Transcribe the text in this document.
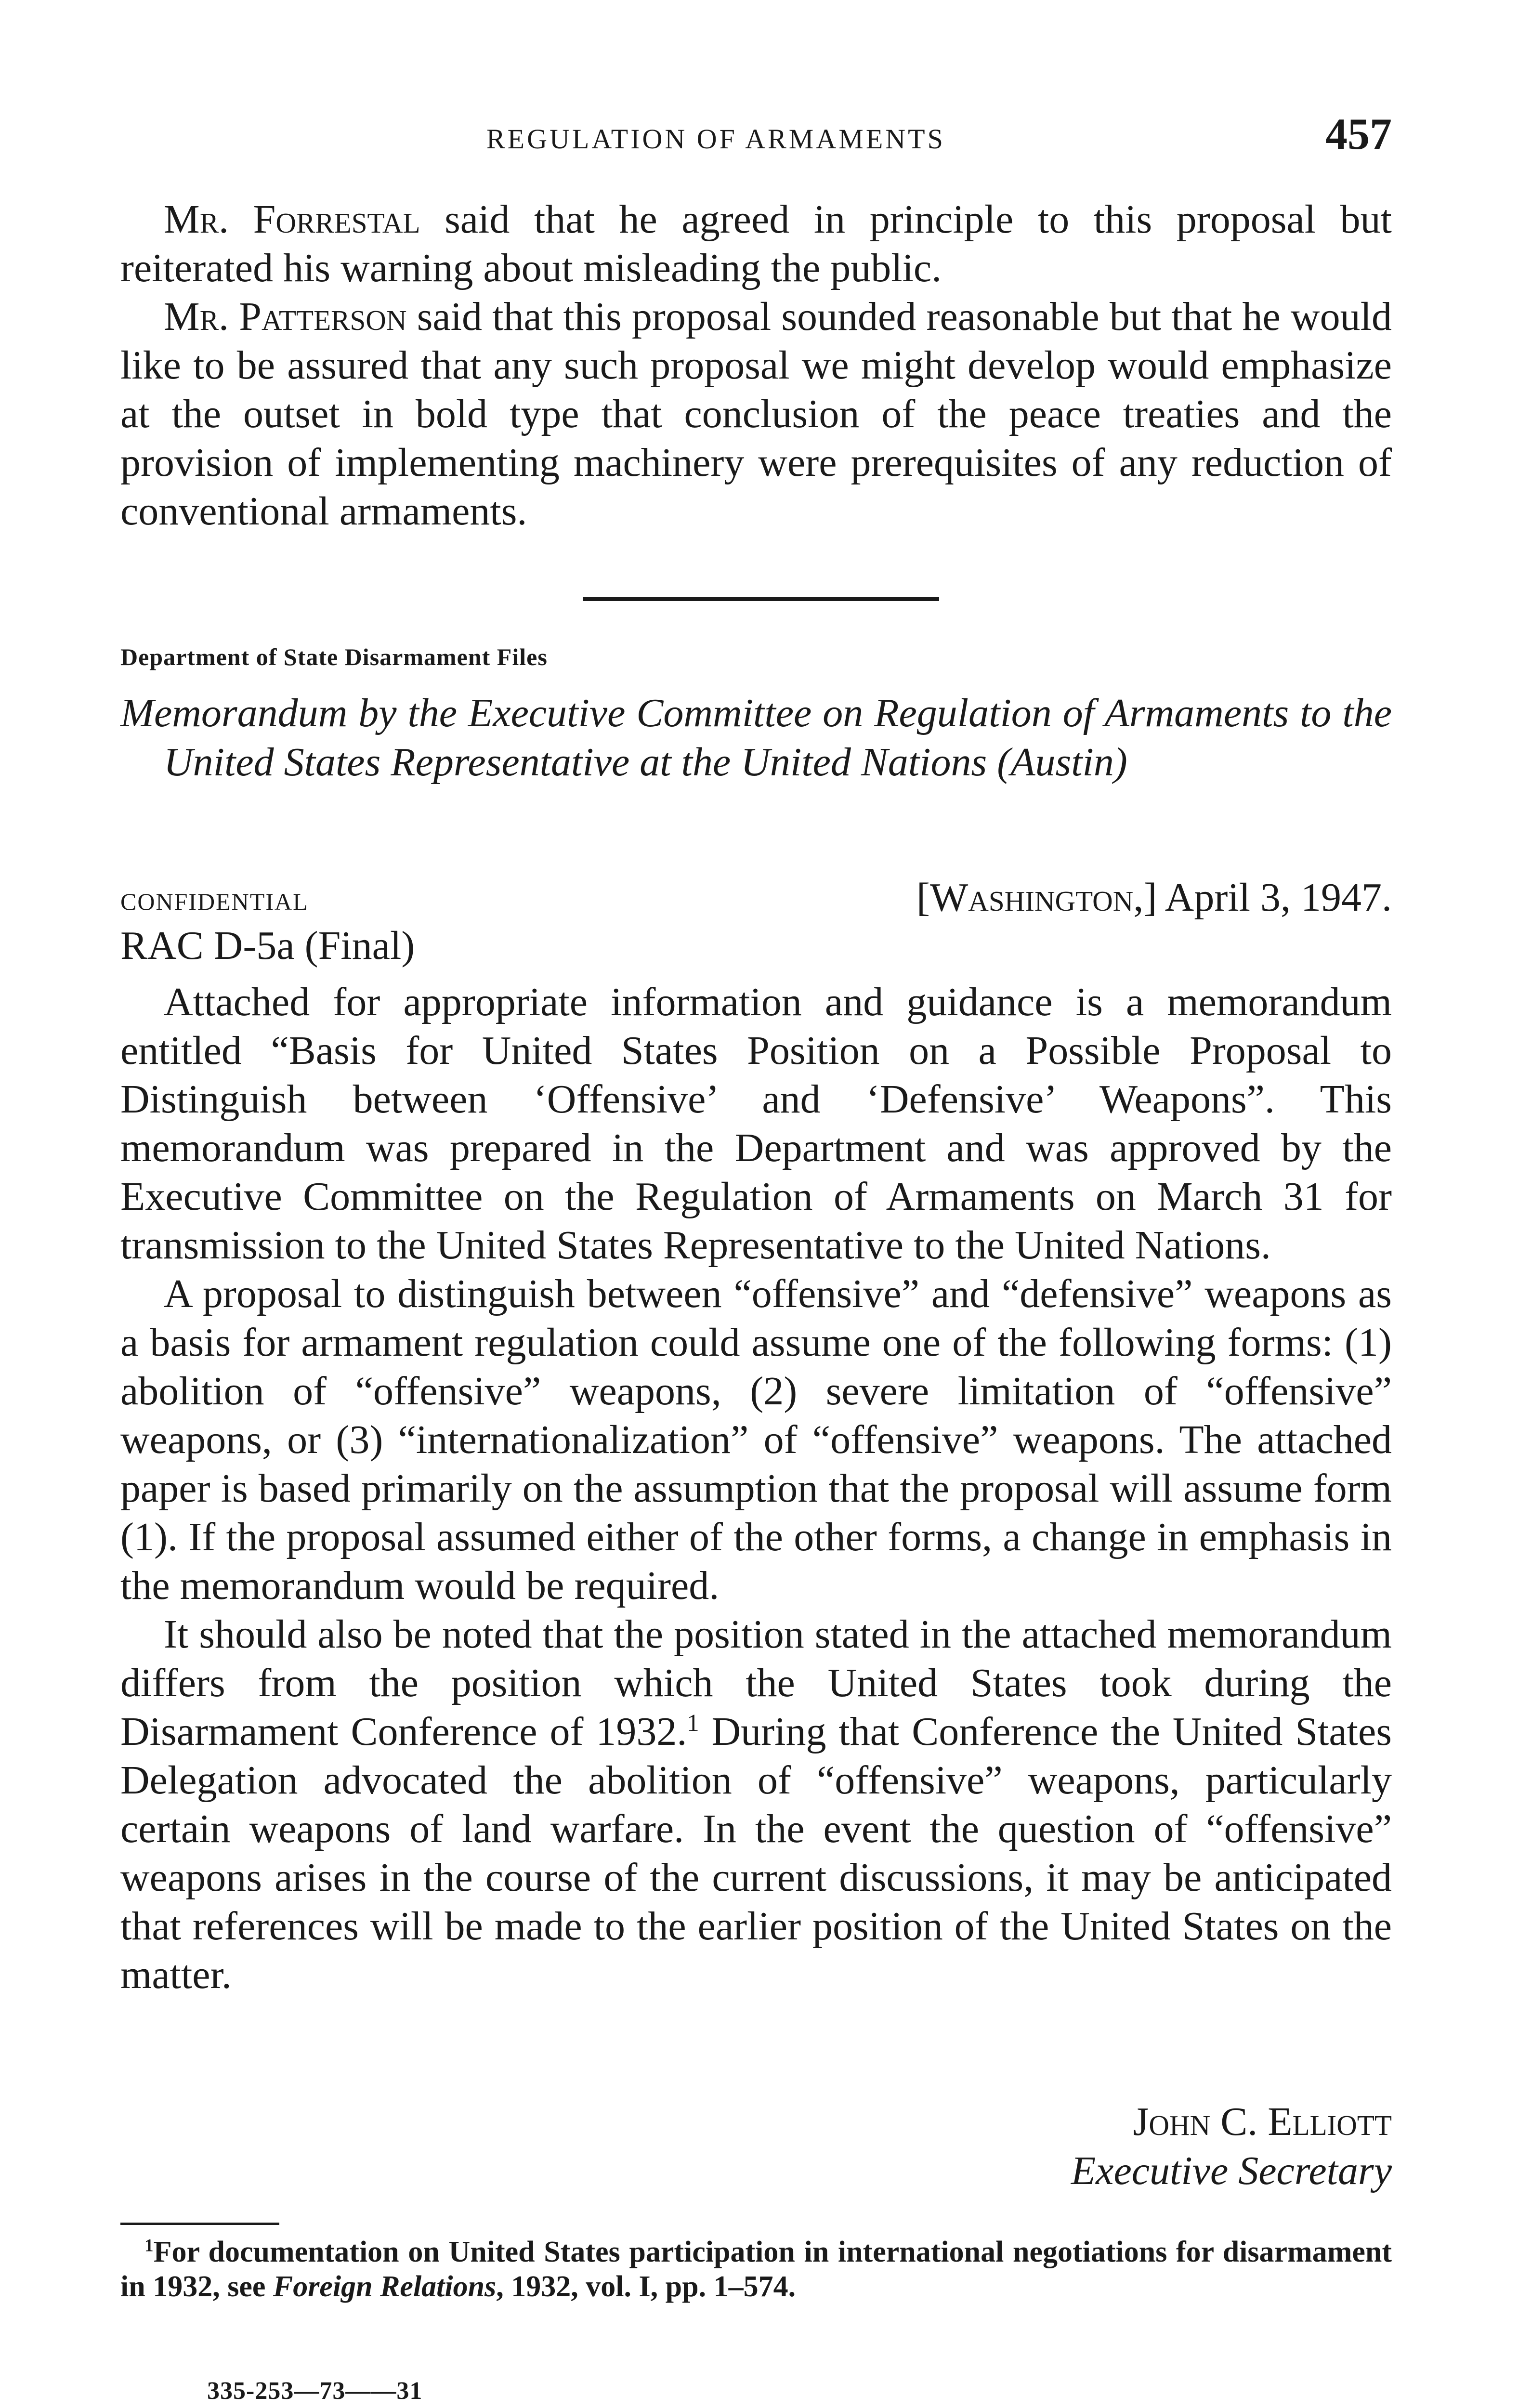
REGULATION OF ARMAMENTS	457

Mr. Forrestal said that he agreed in principle to this proposal but reiterated his warning about misleading the public.

Mr. Patterson said that this proposal sounded reasonable but that he would like to be assured that any such proposal we might develop would emphasize at the outset in bold type that conclusion of the peace treaties and the provision of implementing machinery were prerequisites of any reduction of conventional armaments.

Department of State Disarmament Files
Memorandum by the Executive Committee on Regulation of Armaments to the United States Representative at the United Nations (Austin)
CONFIDENTIAL	[Washington,] April 3, 1947.
RAC D-5a (Final)

Attached for appropriate information and guidance is a memorandum entitled “Basis for United States Position on a Possible Proposal to Distinguish between ‘Offensive’ and ‘Defensive’ Weapons”. This memorandum was prepared in the Department and was approved by the Executive Committee on the Regulation of Armaments on March 31 for transmission to the United States Representative to the United Nations.

A proposal to distinguish between “offensive” and “defensive” weapons as a basis for armament regulation could assume one of the following forms: (1) abolition of “offensive” weapons, (2) severe limitation of “offensive” weapons, or (3) “internationalization” of “offensive” weapons. The attached paper is based primarily on the assumption that the proposal will assume form (1). If the proposal assumed either of the other forms, a change in emphasis in the memorandum would be required.

It should also be noted that the position stated in the attached memorandum differs from the position which the United States took during the Disarmament Conference of 1932.$^1$ During that Conference the United States Delegation advocated the abolition of “offensive” weapons, particularly certain weapons of land warfare. In the event the question of “offensive” weapons arises in the course of the current discussions, it may be anticipated that references will be made to the earlier position of the United States on the matter.

John C. Elliott
Executive Secretary

$^1$For documentation on United States participation in international negotiations for disarmament in 1932, see Foreign Relations, 1932, vol. I, pp. 1–574.

335-253—73——31
